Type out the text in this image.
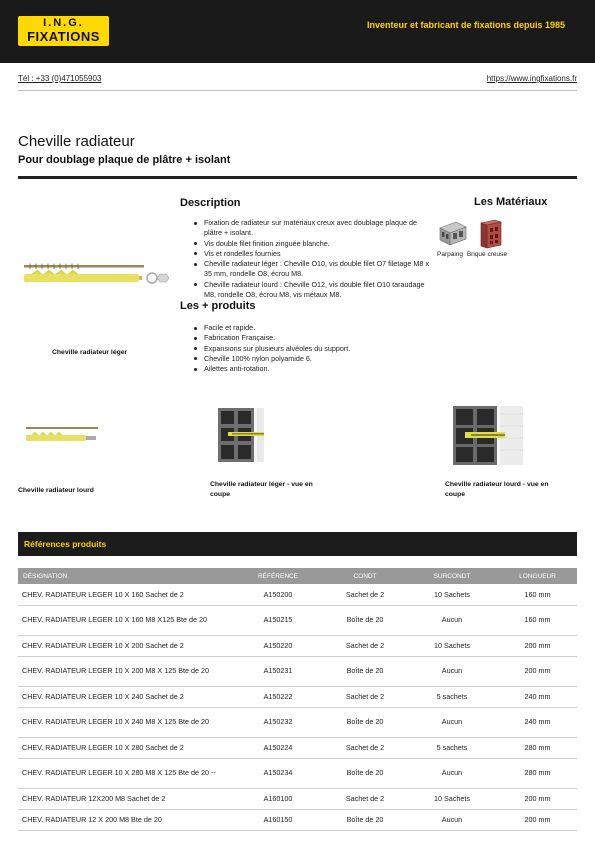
I.N.G.
FIXATIONS
Inventeur et fabricant de fixations depuis 1985
Tél : +33 (0)471055903	https://www.ingfixations.fr
Cheville radiateur
Pour doublage plaque de plâtre + isolant
Cheville radiateur léger
Description
Fixation de radiateur sur matériaux creux avec doublage plaque de plâtre + isolant.
Vis double filet finition zinguée blanche.
Vis et rondelles fournies
Cheville radiateur léger : Cheville O10, vis double filet O7 filetage M8 x 35 mm, rondelle O8, écrou M8.
Cheville radiateur lourd : Cheville O12, vis double filet O10 taraudage M8, rondelle O8, écrou M8, vis métaux M8.
Les Matériaux
Parpaing Brique creuse
Les + produits
Facile et rapide.
Fabrication Française.
Expansions sur plusieurs alvéoles du support.
Cheville 100% nylon polyamide 6.
Ailettes anti-rotation.
Cheville radiateur lourd
Cheville radiateur léger - vue en coupe
Cheville radiateur lourd - vue en coupe
Références produits
DÉSIGNATION	RÉFÉRENCE	CONDT	SURCONDT	LONGUEUR
CHEV. RADIATEUR LEGER 10 X 160 Sachet de 2	A150200	Sachet de 2	10 Sachets	160 mm
CHEV. RADIATEUR LEGER 10 X 160 M8 X125 Bte de 20	A150215	Boîte de 20	Aucun	160 mm
CHEV. RADIATEUR LEGER 10 X 200 Sachet de 2	A150220	Sachet de 2	10 Sachets	200 mm
CHEV. RADIATEUR LEGER 10 X 200 M8 X 125 Bte de 20	A150231	Boîte de 20	Aucun	200 mm
CHEV. RADIATEUR LEGER 10 X 240 Sachet de 2	A150222	Sachet de 2	5 sachets	240 mm
CHEV. RADIATEUR LEGER 10 X 240 M8 X 125 Bte de 20	A150232	Boîte de 20	Aucun	240 mm
CHEV. RADIATEUR LEGER 10 X 280 Sachet de 2	A150224	Sachet de 2	5 sachets	280 mm
CHEV. RADIATEUR LEGER 10 X 280 M8 X 125 Bte de 20 --	A150234	Boîte de 20	Aucun	280 mm
CHEV. RADIATEUR 12X200 M8 Sachet de 2	A160100	Sachet de 2	10 Sachets	200 mm
CHEV. RADIATEUR 12 X 200 M8 Bte de 20	A160150	Boîte de 20	Aucun	200 mm
